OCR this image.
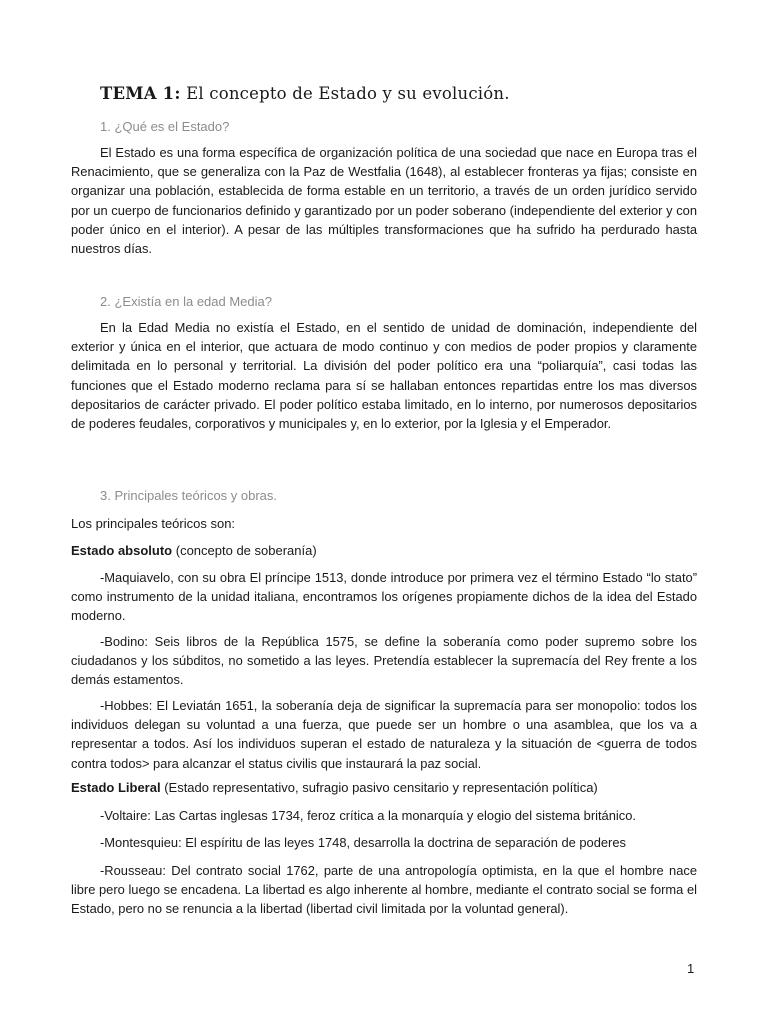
TEMA 1: El concepto de Estado y su evolución.
1. ¿Qué es el Estado?
El Estado es una forma específica de organización política de una sociedad que nace en Europa tras el Renacimiento, que se generaliza con la Paz de Westfalia (1648), al establecer fronteras ya fijas; consiste en organizar una población, establecida de forma estable en un territorio, a través de un orden jurídico servido por un cuerpo de funcionarios definido y garantizado por un poder soberano (independiente del exterior y con poder único en el interior). A pesar de las múltiples transformaciones que ha sufrido ha perdurado hasta nuestros días.
2. ¿Existía en la edad Media?
En la Edad Media no existía el Estado, en el sentido de unidad de dominación, independiente del exterior y única en el interior, que actuara de modo continuo y con medios de poder propios y claramente delimitada en lo personal y territorial. La división del poder político era una “poliarquía”, casi todas las funciones que el Estado moderno reclama para sí se hallaban entonces repartidas entre los mas diversos depositarios de carácter privado. El poder político estaba limitado, en lo interno, por numerosos depositarios de poderes feudales, corporativos y municipales y, en lo exterior, por la Iglesia y el Emperador.
3. Principales teóricos y obras.
Los principales teóricos son:
Estado absoluto (concepto de soberanía)
-Maquiavelo, con su obra El príncipe 1513, donde introduce por primera vez el término Estado “lo stato” como instrumento de la unidad italiana, encontramos los orígenes propiamente dichos de la idea del Estado moderno.
-Bodino: Seis libros de la República 1575, se define la soberanía como poder supremo sobre los ciudadanos y los súbditos, no sometido a las leyes. Pretendía establecer la supremacía del Rey frente a los demás estamentos.
-Hobbes: El Leviatán 1651, la soberanía deja de significar la supremacía para ser monopolio: todos los individuos delegan su voluntad a una fuerza, que puede ser un hombre o una asamblea, que los va a representar a todos. Así los individuos superan el estado de naturaleza y la situación de <guerra de todos contra todos> para alcanzar el status civilis que instaurará la paz social.
Estado Liberal (Estado representativo, sufragio pasivo censitario y representación política)
-Voltaire: Las Cartas inglesas 1734, feroz crítica a la monarquía y elogio del sistema británico.
-Montesquieu: El espíritu de las leyes 1748, desarrolla la doctrina de separación de poderes
-Rousseau: Del contrato social 1762, parte de una antropología optimista, en la que el hombre nace libre pero luego se encadena. La libertad es algo inherente al hombre, mediante el contrato social se forma el Estado, pero no se renuncia a la libertad (libertad civil limitada por la voluntad general).
1
